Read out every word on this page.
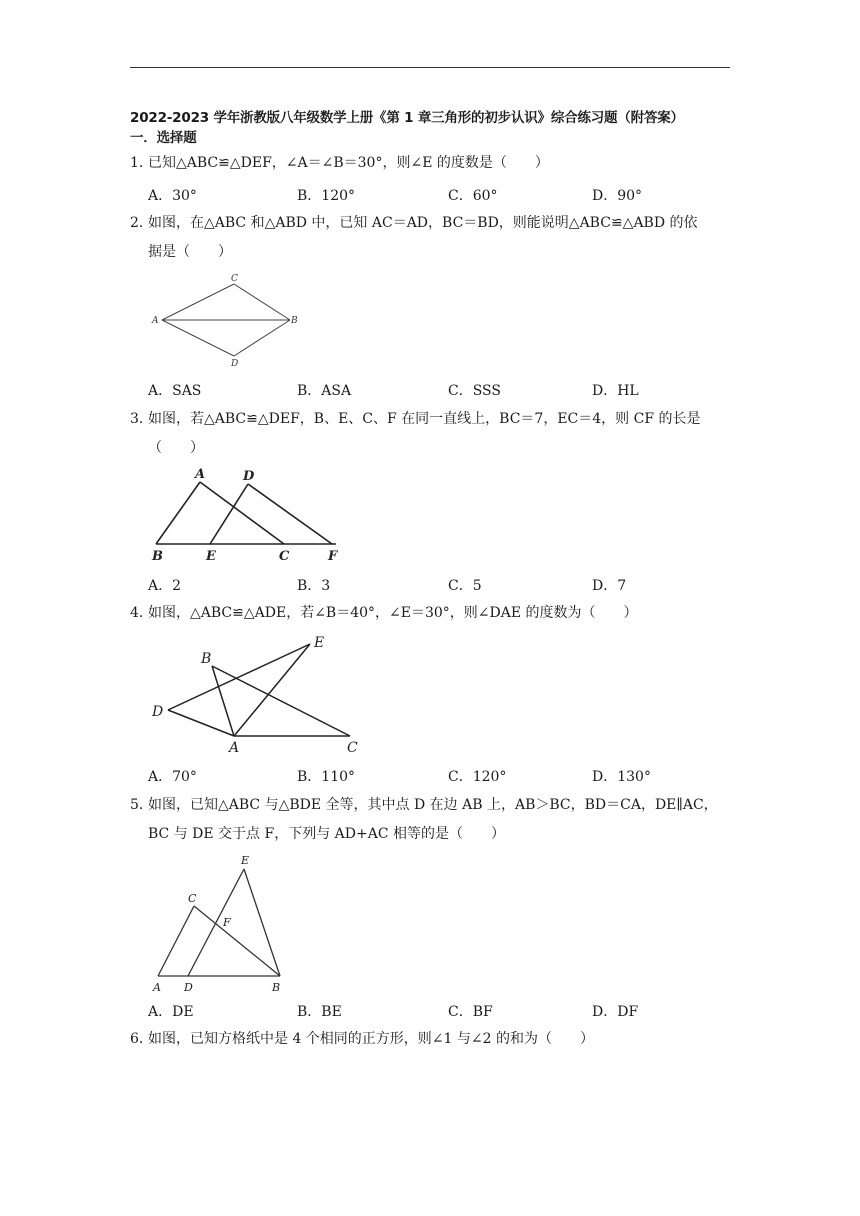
2022-2023 学年浙教版八年级数学上册《第 1 章三角形的初步认识》综合练习题（附答案）
一．选择题
1．
已知△ABC≌△DEF，∠A＝∠B＝30°，则∠E 的度数是（　　）
A．30°	B．120°	C．60°	D．90°
2．
如图，在△ABC 和△ABD 中，已知 AC＝AD，BC＝BD，则能说明△ABC≌△ABD 的依
据是（　　）
A	B
C
D
A．SAS	B．ASA	C．SSS	D．HL
3．
如图，若△ABC≌△DEF，B、E、C、F 在同一直线上，BC＝7，EC＝4，则 CF 的长是
（　　）
A	D
B	E	C	F
A．2	B．3	C．5	D．7
4．
如图，△ABC≌△ADE，若∠B＝40°，∠E＝30°，则∠DAE 的度数为（　　）
B
E
D
A	C
A．70°	B．110°	C．120°	D．130°
5．
如图，已知△ABC 与△BDE 全等，其中点 D 在边 AB 上，AB＞BC，BD＝CA，DE∥AC，
BC 与 DE 交于点 F，下列与 AD+AC 相等的是（　　）
E
C
F
A D	B
A．DE	B．BE	C．BF	D．DF
6．
如图，已知方格纸中是 4 个相同的正方形，则∠1 与∠2 的和为（　　）
